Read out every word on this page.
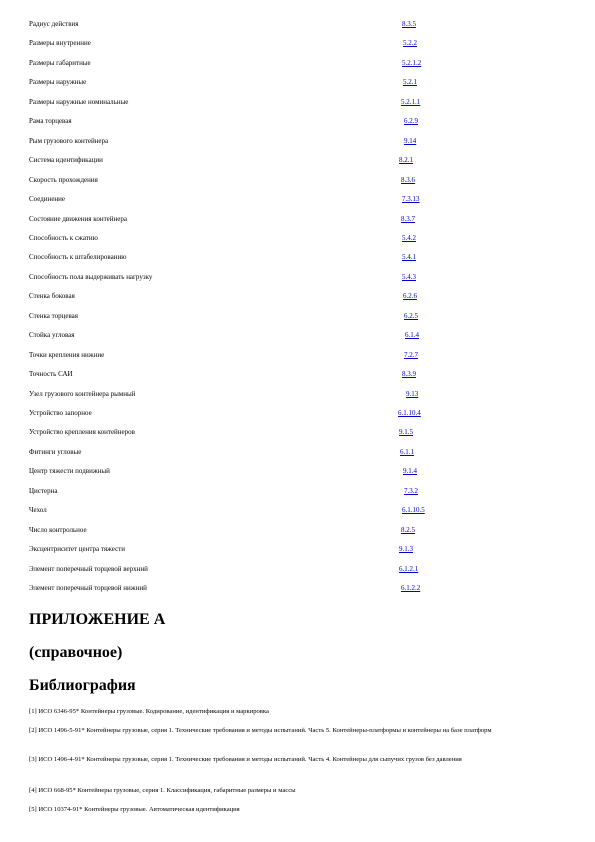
Радиус действия	8.3.5
Размеры внутренние	5.2.2
Размеры габаритные	5.2.1.2
Размеры наружные	5.2.1
Размеры наружные номинальные	5.2.1.1
Рама торцевая	6.2.9
Рым грузового контейнера	9.14
Система идентификации	8.2.1
Скорость прохождения	8.3.6
Соединение	7.3.13
Состояние движения контейнера	8.3.7
Способность к сжатию	5.4.2
Способность к штабелированию	5.4.1
Способность пола выдерживать нагрузку	5.4.3
Стенка боковая	6.2.6
Стенка торцевая	6.2.5
Стойка угловая	6.1.4
Точки крепления нижние	7.2.7
Точность САИ	8.3.9
Узел грузового контейнера рымный	9.13
Устройство запорное	6.1.10.4
Устройство крепления контейнеров	9.1.5
Фитинги угловые	6.1.1
Центр тяжести подвижный	9.1.4
Цистерна	7.3.2
Чехол	6.1.10.5
Число контрольное	8.2.5
Эксцентриситет центра тяжести	9.1.3
Элемент поперечный торцевой верхний	6.1.2.1
Элемент поперечный торцевой нижний	6.1.2.2
ПРИЛОЖЕНИЕ А
(справочное)
Библиография

[1] ИСО 6346-95* Контейнеры грузовые. Кодирование, идентификация и маркировка

[2] ИСО 1496-5-91* Контейнеры грузовые, серия 1. Технические требования и методы испытаний. Часть 5. Контейнеры-платформы и контейнеры на базе платформ

[3] ИСО 1496-4-91* Контейнеры грузовые, серия 1. Технические требования и методы испытаний. Часть 4. Контейнеры для сыпучих грузов без давления

[4] ИСО 668-95* Контейнеры грузовые, серия 1. Классификация, габаритные размеры и массы

[5] ИСО 10374-91* Контейнеры грузовые. Автоматическая идентификация
